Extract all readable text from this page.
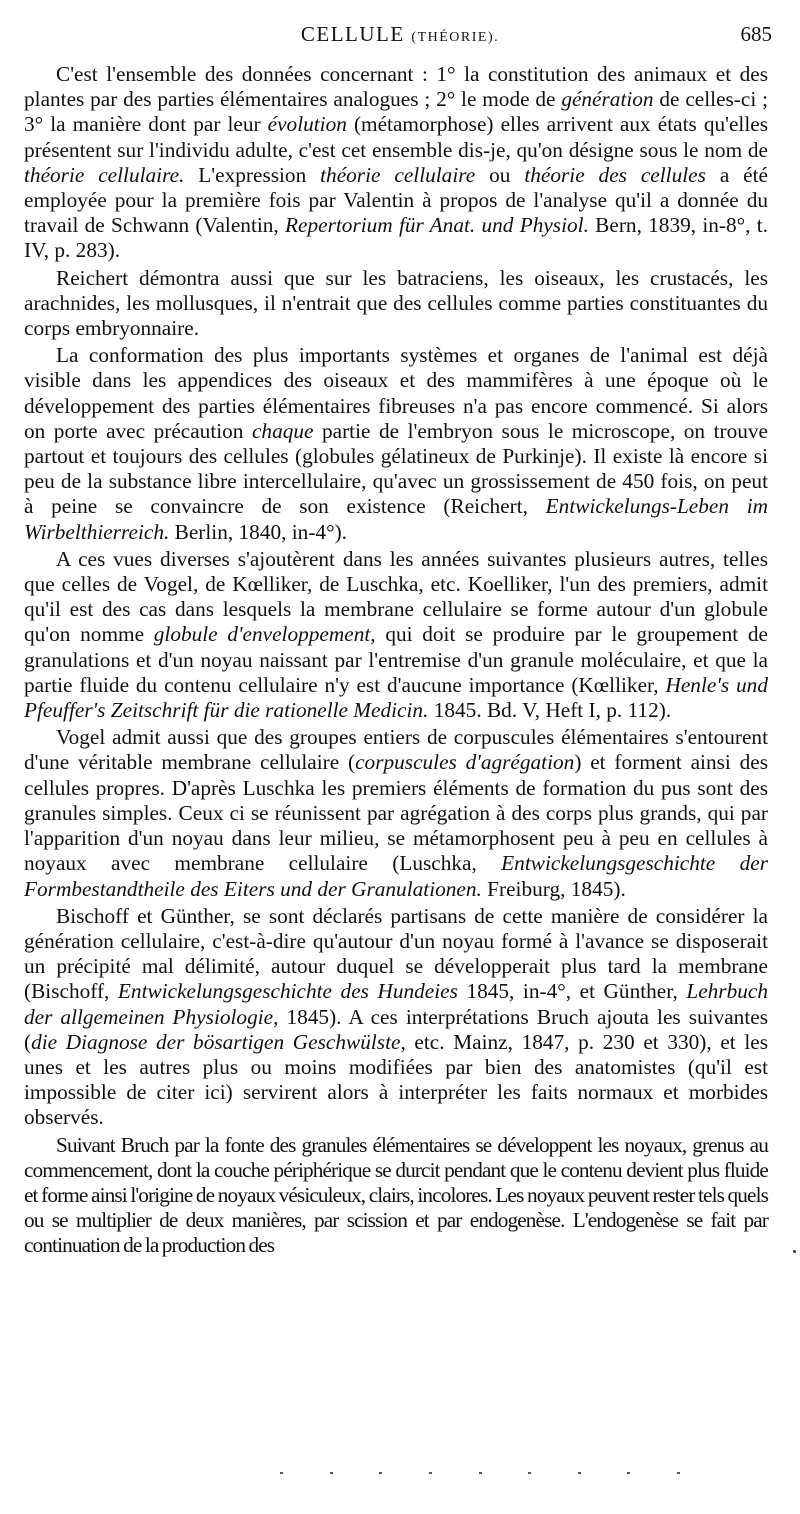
CELLULE (THÉORIE).	685

C'est l'ensemble des données concernant : 1° la constitution des animaux et des plantes par des parties élémentaires analogues ; 2° le mode de génération de celles-ci ; 3° la manière dont par leur évolution (métamorphose) elles arrivent aux états qu'elles présentent sur l'individu adulte, c'est cet ensemble dis-je, qu'on désigne sous le nom de théorie cellulaire. L'expression théorie cellulaire ou théorie des cellules a été employée pour la première fois par Valentin à propos de l'analyse qu'il a donnée du travail de Schwann (Valentin, Repertorium für Anat. und Physiol. Bern, 1839, in-8°, t. IV, p. 283).

Reichert démontra aussi que sur les batraciens, les oiseaux, les crustacés, les arachnides, les mollusques, il n'entrait que des cellules comme parties constituantes du corps embryonnaire.

La conformation des plus importants systèmes et organes de l'animal est déjà visible dans les appendices des oiseaux et des mammifères à une époque où le développement des parties élémentaires fibreuses n'a pas encore commencé. Si alors on porte avec précaution chaque partie de l'embryon sous le microscope, on trouve partout et toujours des cellules (globules gélatineux de Purkinje). Il existe là encore si peu de la substance libre intercellulaire, qu'avec un grossissement de 450 fois, on peut à peine se convaincre de son existence (Reichert, Entwickelungs-Leben im Wirbelthierreich. Berlin, 1840, in-4°).

A ces vues diverses s'ajoutèrent dans les années suivantes plusieurs autres, telles que celles de Vogel, de Kœlliker, de Luschka, etc. Koelliker, l'un des premiers, admit qu'il est des cas dans lesquels la membrane cellulaire se forme autour d'un globule qu'on nomme globule d'enveloppement, qui doit se produire par le groupement de granulations et d'un noyau naissant par l'entremise d'un granule moléculaire, et que la partie fluide du contenu cellulaire n'y est d'aucune importance (Kœlliker, Henle's und Pfeuffer's Zeitschrift für die rationelle Medicin. 1845. Bd. V, Heft I, p. 112).

Vogel admit aussi que des groupes entiers de corpuscules élémentaires s'entourent d'une véritable membrane cellulaire (corpuscules d'agrégation) et forment ainsi des cellules propres. D'après Luschka les premiers éléments de formation du pus sont des granules simples. Ceux ci se réunissent par agrégation à des corps plus grands, qui par l'apparition d'un noyau dans leur milieu, se métamorphosent peu à peu en cellules à noyaux avec membrane cellulaire (Luschka, Entwickelungsgeschichte der Formbestandtheile des Eiters und der Granulationen. Freiburg, 1845).

Bischoff et Günther, se sont déclarés partisans de cette manière de considérer la génération cellulaire, c'est-à-dire qu'autour d'un noyau formé à l'avance se disposerait un précipité mal délimité, autour duquel se développerait plus tard la membrane (Bischoff, Entwickelungsgeschichte des Hundeies 1845, in-4°, et Günther, Lehrbuch der allgemeinen Physiologie, 1845). A ces interprétations Bruch ajouta les suivantes (die Diagnose der bösartigen Geschwülste, etc. Mainz, 1847, p. 230 et 330), et les unes et les autres plus ou moins modifiées par bien des anatomistes (qu'il est impossible de citer ici) servirent alors à interpréter les faits normaux et morbides observés.

Suivant Bruch par la fonte des granules élémentaires se développent les noyaux, grenus au commencement, dont la couche périphérique se durcit pendant que le contenu devient plus fluide et forme ainsi l'origine de noyaux vésiculeux, clairs, incolores. Les noyaux peuvent rester tels quels ou se multiplier de deux manières, par scission et par endogenèse. L'endogenèse se fait par continuation de la production des
